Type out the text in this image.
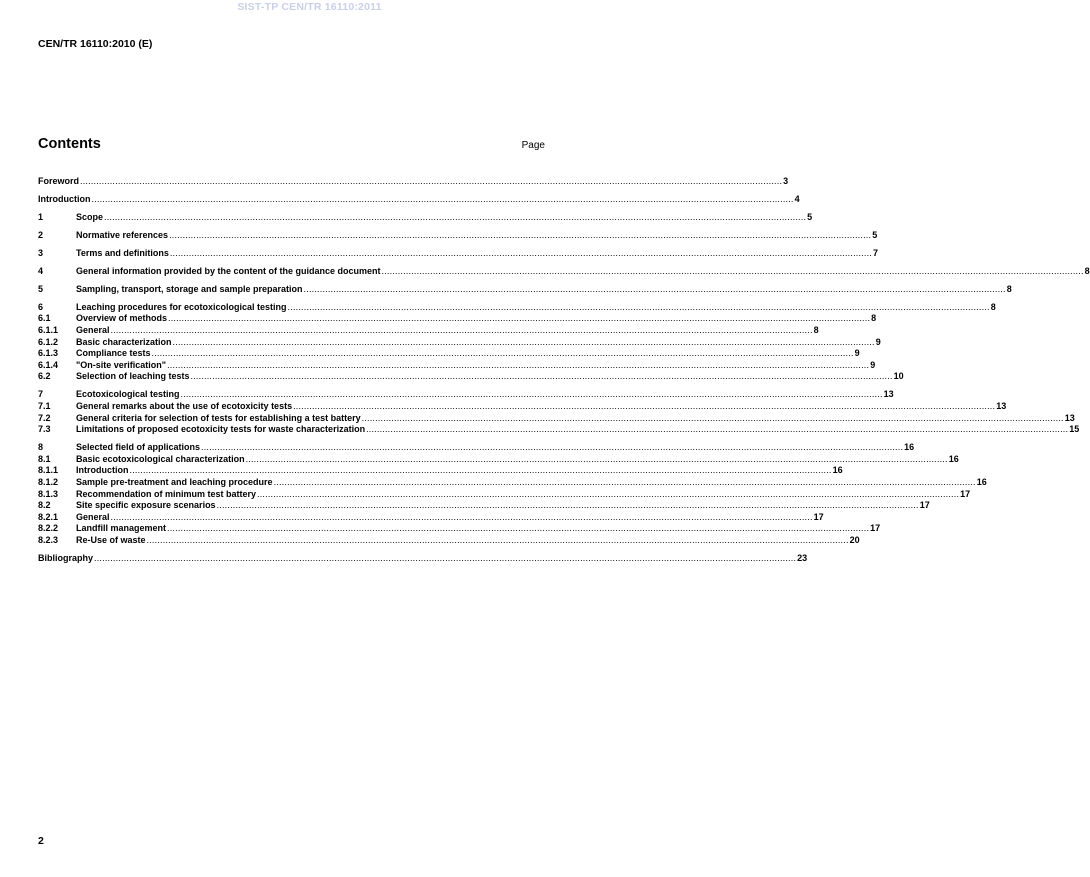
SIST-TP CEN/TR 16110:2011
CEN/TR 16110:2010 (E)
Contents	Page
Foreword .................................................................................................................................................................................................................................................................... 3
Introduction .................................................................................................................................................................................................................................................................... 4
1	Scope .................................................................................................................................................................................................................................................................... 5
2	Normative references .................................................................................................................................................................................................................................................................... 5
3	Terms and definitions .................................................................................................................................................................................................................................................................... 7
4	General information provided by the content of the guidance document .................................................................................................................................................................................................................................................................... 8
5	Sampling, transport, storage and sample preparation .................................................................................................................................................................................................................................................................... 8
6	Leaching procedures for ecotoxicological testing .................................................................................................................................................................................................................................................................... 8
6.1	Overview of methods .................................................................................................................................................................................................................................................................... 8
6.1.1	General .................................................................................................................................................................................................................................................................... 8
6.1.2	Basic characterization .................................................................................................................................................................................................................................................................... 9
6.1.3	Compliance tests .................................................................................................................................................................................................................................................................... 9
6.1.4	"On-site verification" .................................................................................................................................................................................................................................................................... 9
6.2	Selection of leaching tests .................................................................................................................................................................................................................................................................... 10
7	Ecotoxicological testing .................................................................................................................................................................................................................................................................... 13
7.1	General remarks about the use of ecotoxicity tests .................................................................................................................................................................................................................................................................... 13
7.2	General criteria for selection of tests for establishing a test battery .................................................................................................................................................................................................................................................................... 13
7.3	Limitations of proposed ecotoxicity tests for waste characterization .................................................................................................................................................................................................................................................................... 15
8	Selected field of applications .................................................................................................................................................................................................................................................................... 16
8.1	Basic ecotoxicological characterization .................................................................................................................................................................................................................................................................... 16
8.1.1	Introduction .................................................................................................................................................................................................................................................................... 16
8.1.2	Sample pre-treatment and leaching procedure .................................................................................................................................................................................................................................................................... 16
8.1.3	Recommendation of minimum test battery .................................................................................................................................................................................................................................................................... 17
8.2	Site specific exposure scenarios .................................................................................................................................................................................................................................................................... 17
8.2.1	General .................................................................................................................................................................................................................................................................... 17
8.2.2	Landfill management .................................................................................................................................................................................................................................................................... 17
8.2.3	Re-Use of waste .................................................................................................................................................................................................................................................................... 20
Bibliography .................................................................................................................................................................................................................................................................... 23
2
